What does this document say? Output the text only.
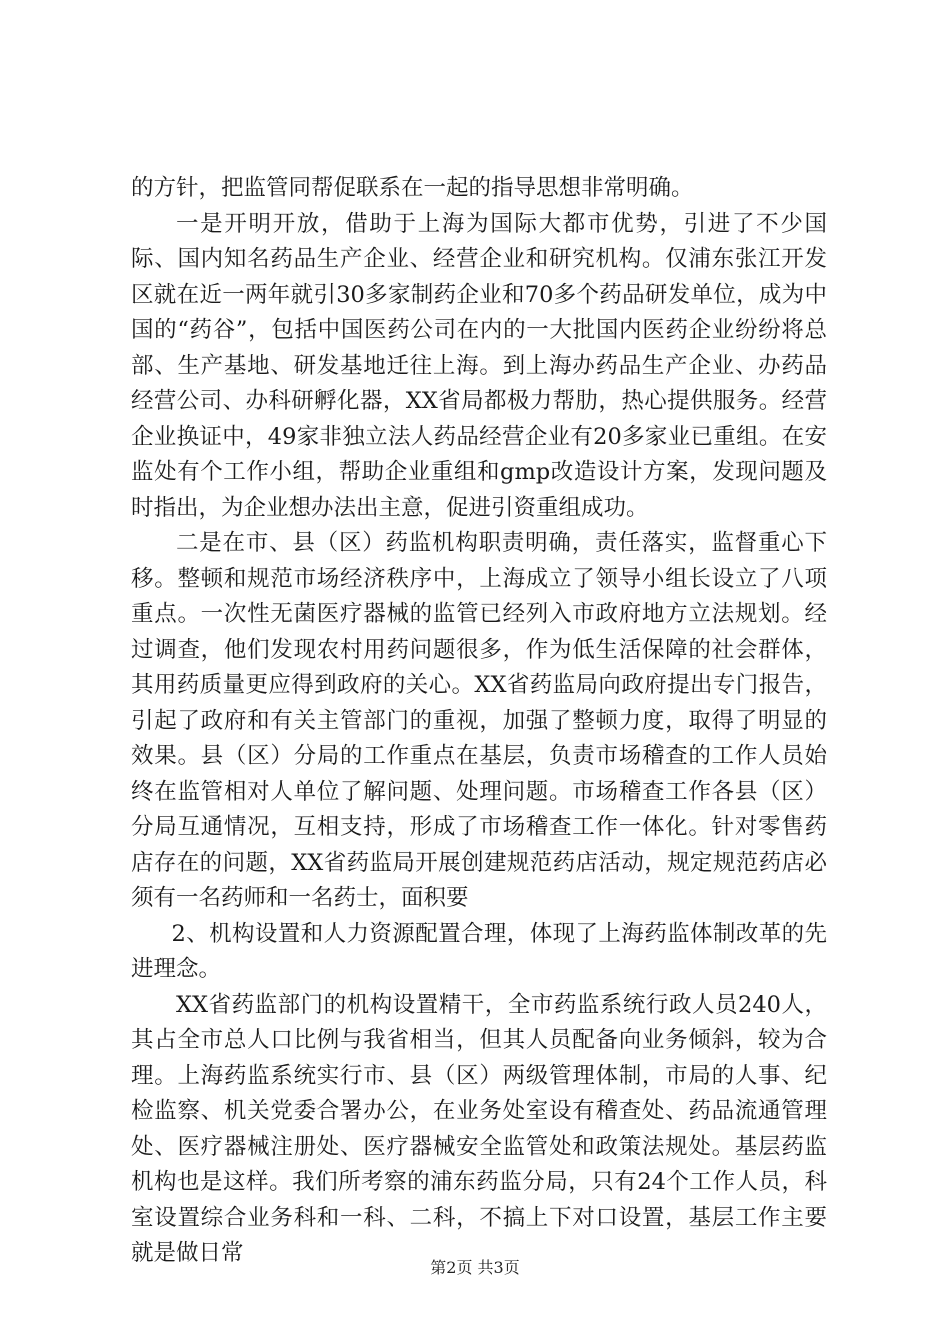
的方针，把监管同帮促联系在一起的指导思想非常明确。

一是开明开放，借助于上海为国际大都市优势，引进了不少国际、国内知名药品生产企业、经营企业和研究机构。仅浦东张江开发区就在近一两年就引30多家制药企业和70多个药品研发单位，成为中国的“药谷”，包括中国医药公司在内的一大批国内医药企业纷纷将总部、生产基地、研发基地迁往上海。到上海办药品生产企业、办药品经营公司、办科研孵化器，XX省局都极力帮肋，热心提供服务。经营企业换证中，49家非独立法人药品经营企业有20多家业已重组。在安监处有个工作小组，帮助企业重组和gmp改造设计方案，发现问题及时指出，为企业想办法出主意，促进引资重组成功。

二是在市、县（区）药监机构职责明确，责任落实，监督重心下移。整顿和规范市场经济秩序中，上海成立了领导小组长设立了八项重点。一次性无菌医疗器械的监管已经列入市政府地方立法规划。经过调查，他们发现农村用药问题很多，作为低生活保障的社会群体，其用药质量更应得到政府的关心。XX省药监局向政府提出专门报告，引起了政府和有关主管部门的重视，加强了整顿力度，取得了明显的效果。县（区）分局的工作重点在基层，负责市场稽查的工作人员始终在监管相对人单位了解问题、处理问题。市场稽查工作各县（区）分局互通情况，互相支持，形成了市场稽查工作一体化。针对零售药店存在的问题，XX省药监局开展创建规范药店活动，规定规范药店必须有一名药师和一名药士，面积要

2、机构设置和人力资源配置合理，体现了上海药监体制改革的先进理念。

XX省药监部门的机构设置精干，全市药监系统行政人员240人，其占全市总人口比例与我省相当，但其人员配备向业务倾斜，较为合理。上海药监系统实行市、县（区）两级管理体制，市局的人事、纪检监察、机关党委合署办公，在业务处室设有稽查处、药品流通管理处、医疗器械注册处、医疗器械安全监管处和政策法规处。基层药监机构也是这样。我们所考察的浦东药监分局，只有24个工作人员，科室设置综合业务科和一科、二科，不搞上下对口设置，基层工作主要就是做日常

第2页 共3页
